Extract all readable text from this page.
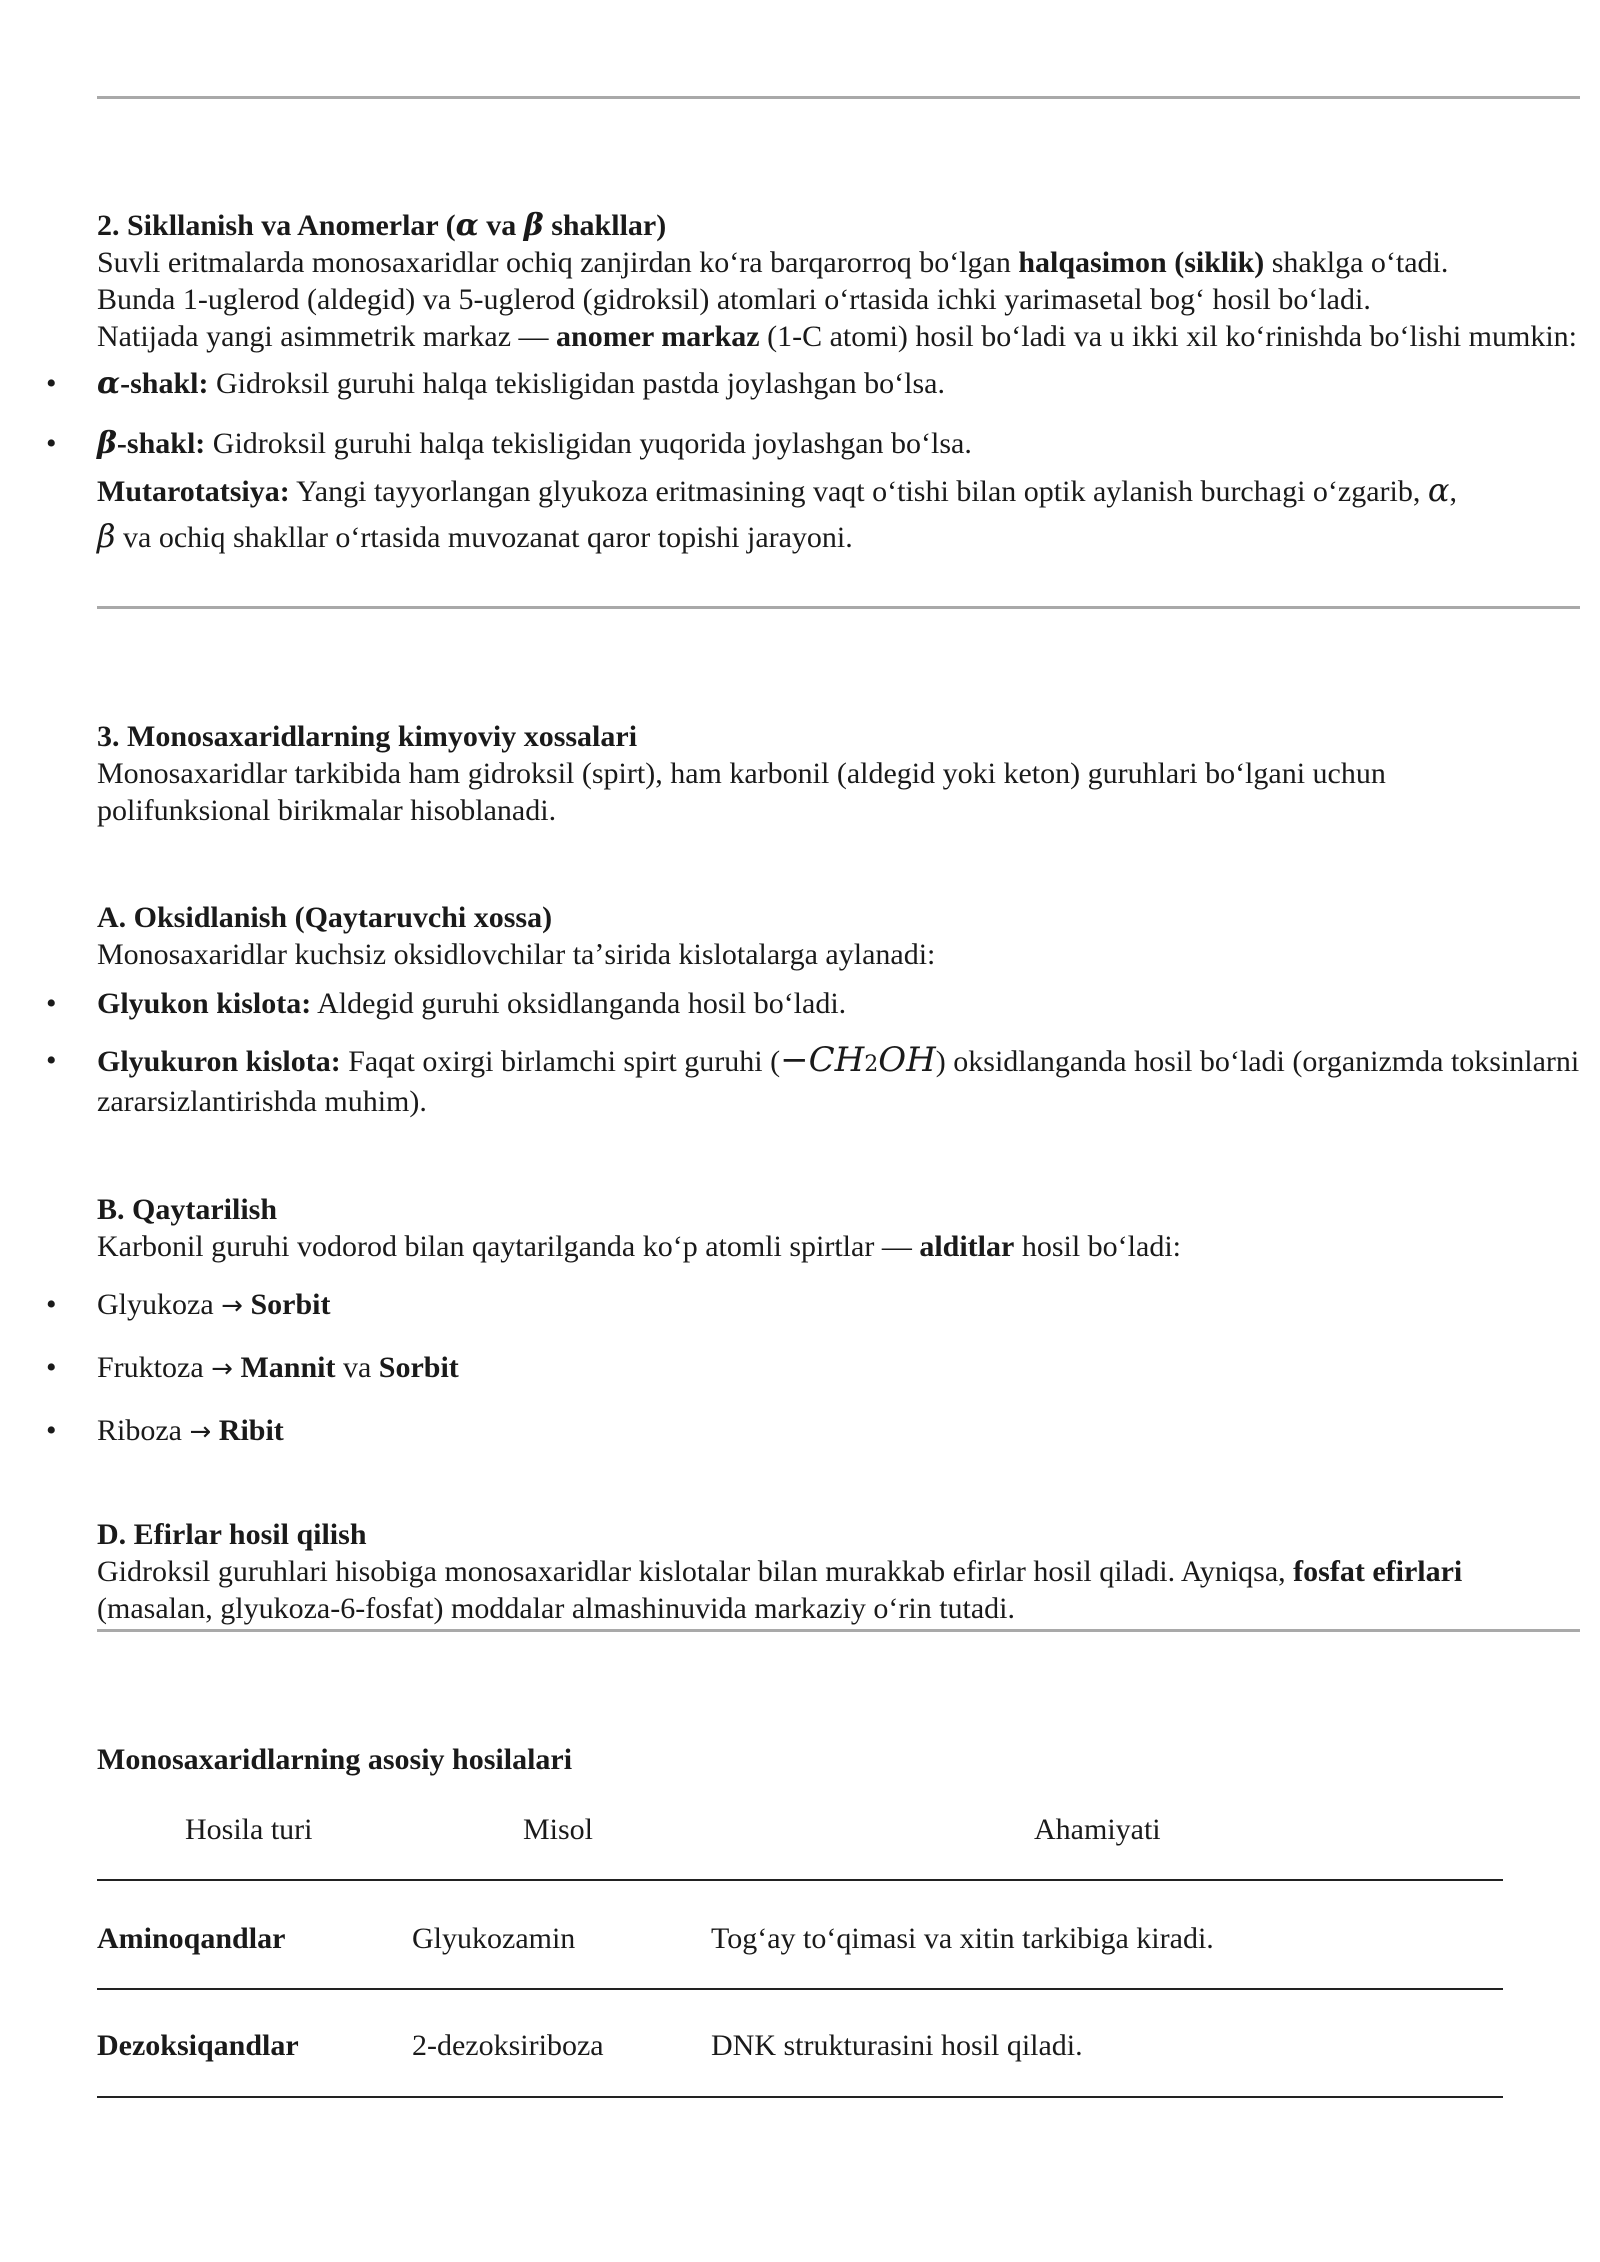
2. Sikllanish va Anomerlar (α va β shakllar)

Suvli eritmalarda monosaxaridlar ochiq zanjirdan koʻra barqarorroq boʻlgan halqasimon (siklik) shaklga oʻtadi.

Bunda 1-uglerod (aldegid) va 5-uglerod (gidroksil) atomlari oʻrtasida ichki yarimasetal bogʻ hosil boʻladi.

Natijada yangi asimmetrik markaz — anomer markaz (1-C atomi) hosil boʻladi va u ikki xil koʻrinishda boʻlishi mumkin:

• α-shakl: Gidroksil guruhi halqa tekisligidan pastda joylashgan boʻlsa.
• β-shakl: Gidroksil guruhi halqa tekisligidan yuqorida joylashgan boʻlsa.

Mutarotatsiya: Yangi tayyorlangan glyukoza eritmasining vaqt oʻtishi bilan optik aylanish burchagi oʻzgarib, α,
β va ochiq shakllar oʻrtasida muvozanat qaror topishi jarayoni.

3. Monosaxaridlarning kimyoviy xossalari

Monosaxaridlar tarkibida ham gidroksil (spirt), ham karbonil (aldegid yoki keton) guruhlari boʻlgani uchun polifunksional birikmalar hisoblanadi.

A. Oksidlanish (Qaytaruvchi xossa)

Monosaxaridlar kuchsiz oksidlovchilar taʼsirida kislotalarga aylanadi:

• Glyukon kislota: Aldegid guruhi oksidlanganda hosil boʻladi.
• Glyukuron kislota: Faqat oxirgi birlamchi spirt guruhi (−CH2OH) oksidlanganda hosil boʻladi (organizmda toksinlarni zararsizlantirishda muhim).

B. Qaytarilish

Karbonil guruhi vodorod bilan qaytarilganda koʻp atomli spirtlar — alditlar hosil boʻladi:

• Glyukoza → Sorbit
• Fruktoza → Mannit va Sorbit
• Riboza → Ribit

D. Efirlar hosil qilish

Gidroksil guruhlari hisobiga monosaxaridlar kislotalar bilan murakkab efirlar hosil qiladi. Ayniqsa, fosfat efirlari (masalan, glyukoza-6-fosfat) moddalar almashinuvida markaziy oʻrin tutadi.

Monosaxaridlarning asosiy hosilalari

Hosila turi	Misol	Ahamiyati
Aminoqandlar	Glyukozamin	Togʻay toʻqimasi va xitin tarkibiga kiradi.
Dezoksiqandlar	2-dezoksiriboza	DNK strukturasini hosil qiladi.
